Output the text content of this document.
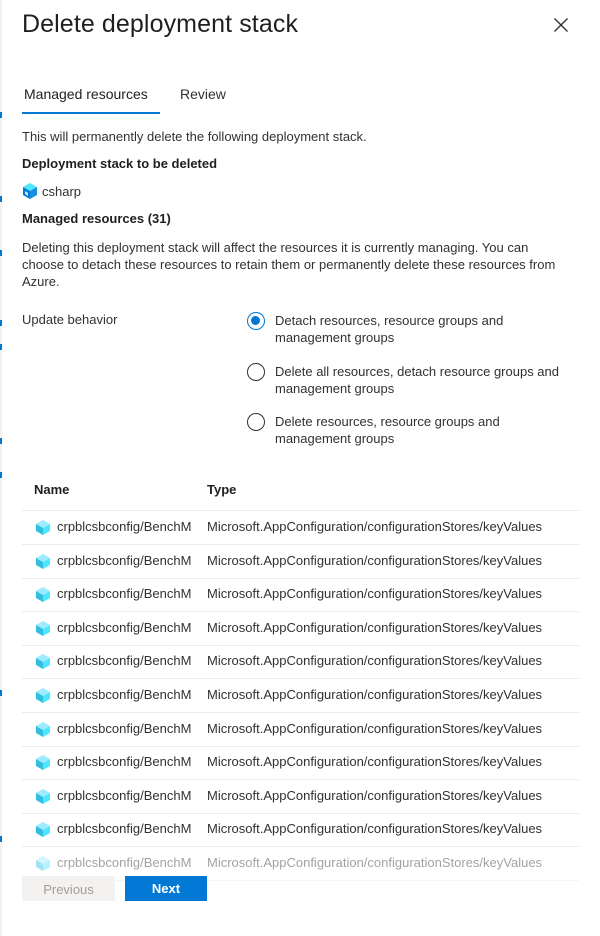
Delete deployment stack
Managed resources Review
This will permanently delete the following deployment stack.
Deployment stack to be deleted
csharp
Managed resources (31)
Deleting this deployment stack will affect the resources it is currently managing. You can
choose to detach these resources to retain them or permanently delete these resources from
Azure.
Update behavior	Detach resources, resource groups and
management groups
Delete all resources, detach resource groups and
management groups
Delete resources, resource groups and
management groups
Name	Type
crpblcsbconfig/BenchM	Microsoft.AppConfiguration/configurationStores/keyValues
crpblcsbconfig/BenchM	Microsoft.AppConfiguration/configurationStores/keyValues
crpblcsbconfig/BenchM	Microsoft.AppConfiguration/configurationStores/keyValues
crpblcsbconfig/BenchM	Microsoft.AppConfiguration/configurationStores/keyValues
crpblcsbconfig/BenchM	Microsoft.AppConfiguration/configurationStores/keyValues
crpblcsbconfig/BenchM	Microsoft.AppConfiguration/configurationStores/keyValues
crpblcsbconfig/BenchM	Microsoft.AppConfiguration/configurationStores/keyValues
crpblcsbconfig/BenchM	Microsoft.AppConfiguration/configurationStores/keyValues
crpblcsbconfig/BenchM	Microsoft.AppConfiguration/configurationStores/keyValues
crpblcsbconfig/BenchM	Microsoft.AppConfiguration/configurationStores/keyValues
crpblcsbconfig/BenchM	Microsoft.AppConfiguration/configurationStores/keyValues
Previous	Next
